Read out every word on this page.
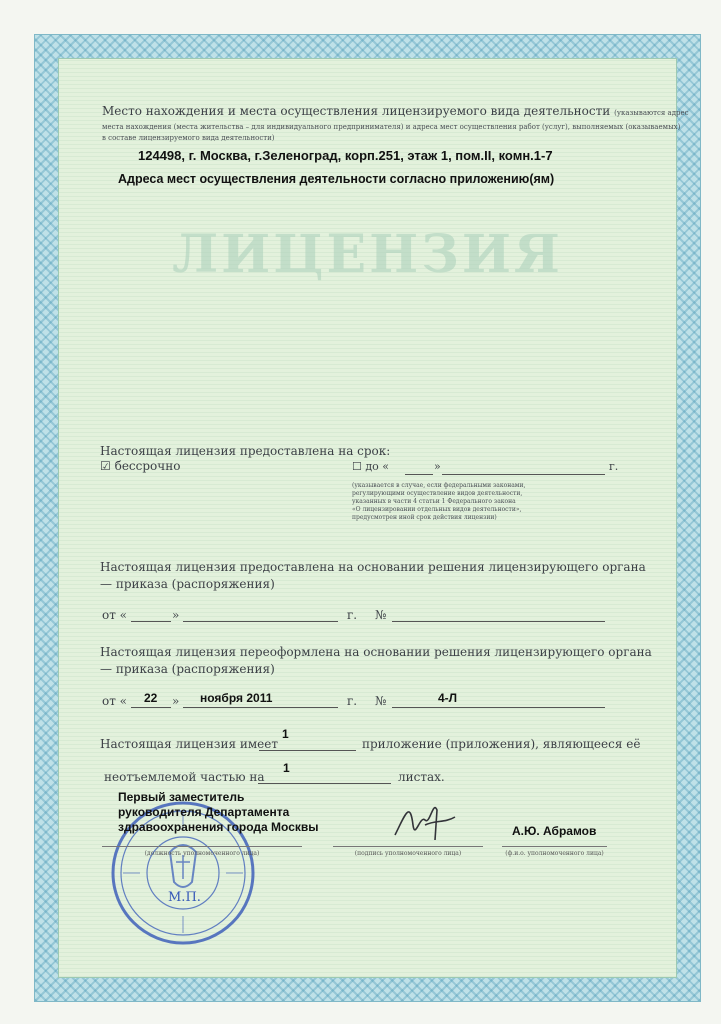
ЛИЦЕНЗИЯ
Место нахождения и места осуществления лицензируемого вида деятельности (указываются адрес
места нахождения (места жительства – для индивидуального предпринимателя) и адреса мест осуществления работ (услуг), выполняемых (оказываемых)
в составе лицензируемого вида деятельности)
124498, г. Москва, г.Зеленоград, корп.251, этаж 1, пом.II, комн.1-7
Адреса мест осуществления деятельности согласно приложению(ям)
Настоящая лицензия предоставлена на срок:
☑ бессрочно	☐ до «	»	г.
(указывается в случае, если федеральными законами,
регулирующими осуществление видов деятельности,
указанных в части 4 статьи 1 Федерального закона
«О лицензировании отдельных видов деятельности»,
предусмотрен иной срок действия лицензии)
Настоящая лицензия предоставлена на основании решения лицензирующего органа
— приказа (распоряжения)
от «	»	г. №
Настоящая лицензия переоформлена на основании решения лицензирующего органа
— приказа (распоряжения)
от « 22 » ноября 2011	г. №	4-Л
Настоящая лицензия имеет
1
приложение (приложения), являющееся её
неотъемлемой частью на
1
листах.
М.П.
Первый заместитель
руководителя Департамента
здравоохранения города Москвы	А.Ю. Абрамов
(должность уполномоченного лица)	(подпись уполномоченного лица)	(ф.и.о. уполномоченного лица)
